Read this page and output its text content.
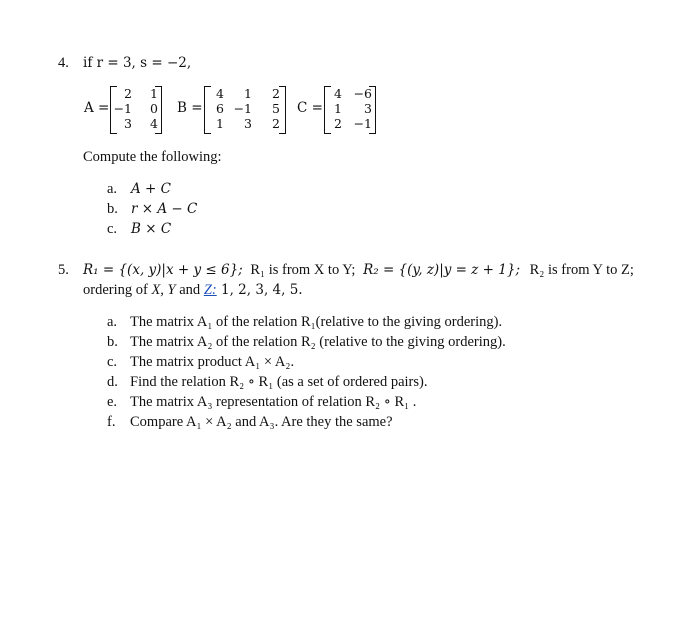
4. if r = 3, s = −2,
A =
2 1
−1 0
3 4
B =
4 1 2
6 −1 5
1 3 2
C =
4 −6
1 3
2 −1
Compute the following:
a. A + C
b. r × A − C
c. B × C
5. R₁ = {(x, y)|x + y ≤ 6}; R₁ is from X to Y; R₂ = {(y, z)|y = z + 1}; R₂ is from Y to Z;
ordering of X, Y and Z: 1, 2, 3, 4, 5.
a. The matrix A₁ of the relation R₁(relative to the giving ordering).
b. The matrix A₂ of the relation R₂ (relative to the giving ordering).
c. The matrix product A₁ × A₂.
d. Find the relation R₂ ∘ R₁ (as a set of ordered pairs).
e. The matrix A₃ representation of relation R₂ ∘ R₁ .
f. Compare A₁ × A₂ and A₃. Are they the same?
